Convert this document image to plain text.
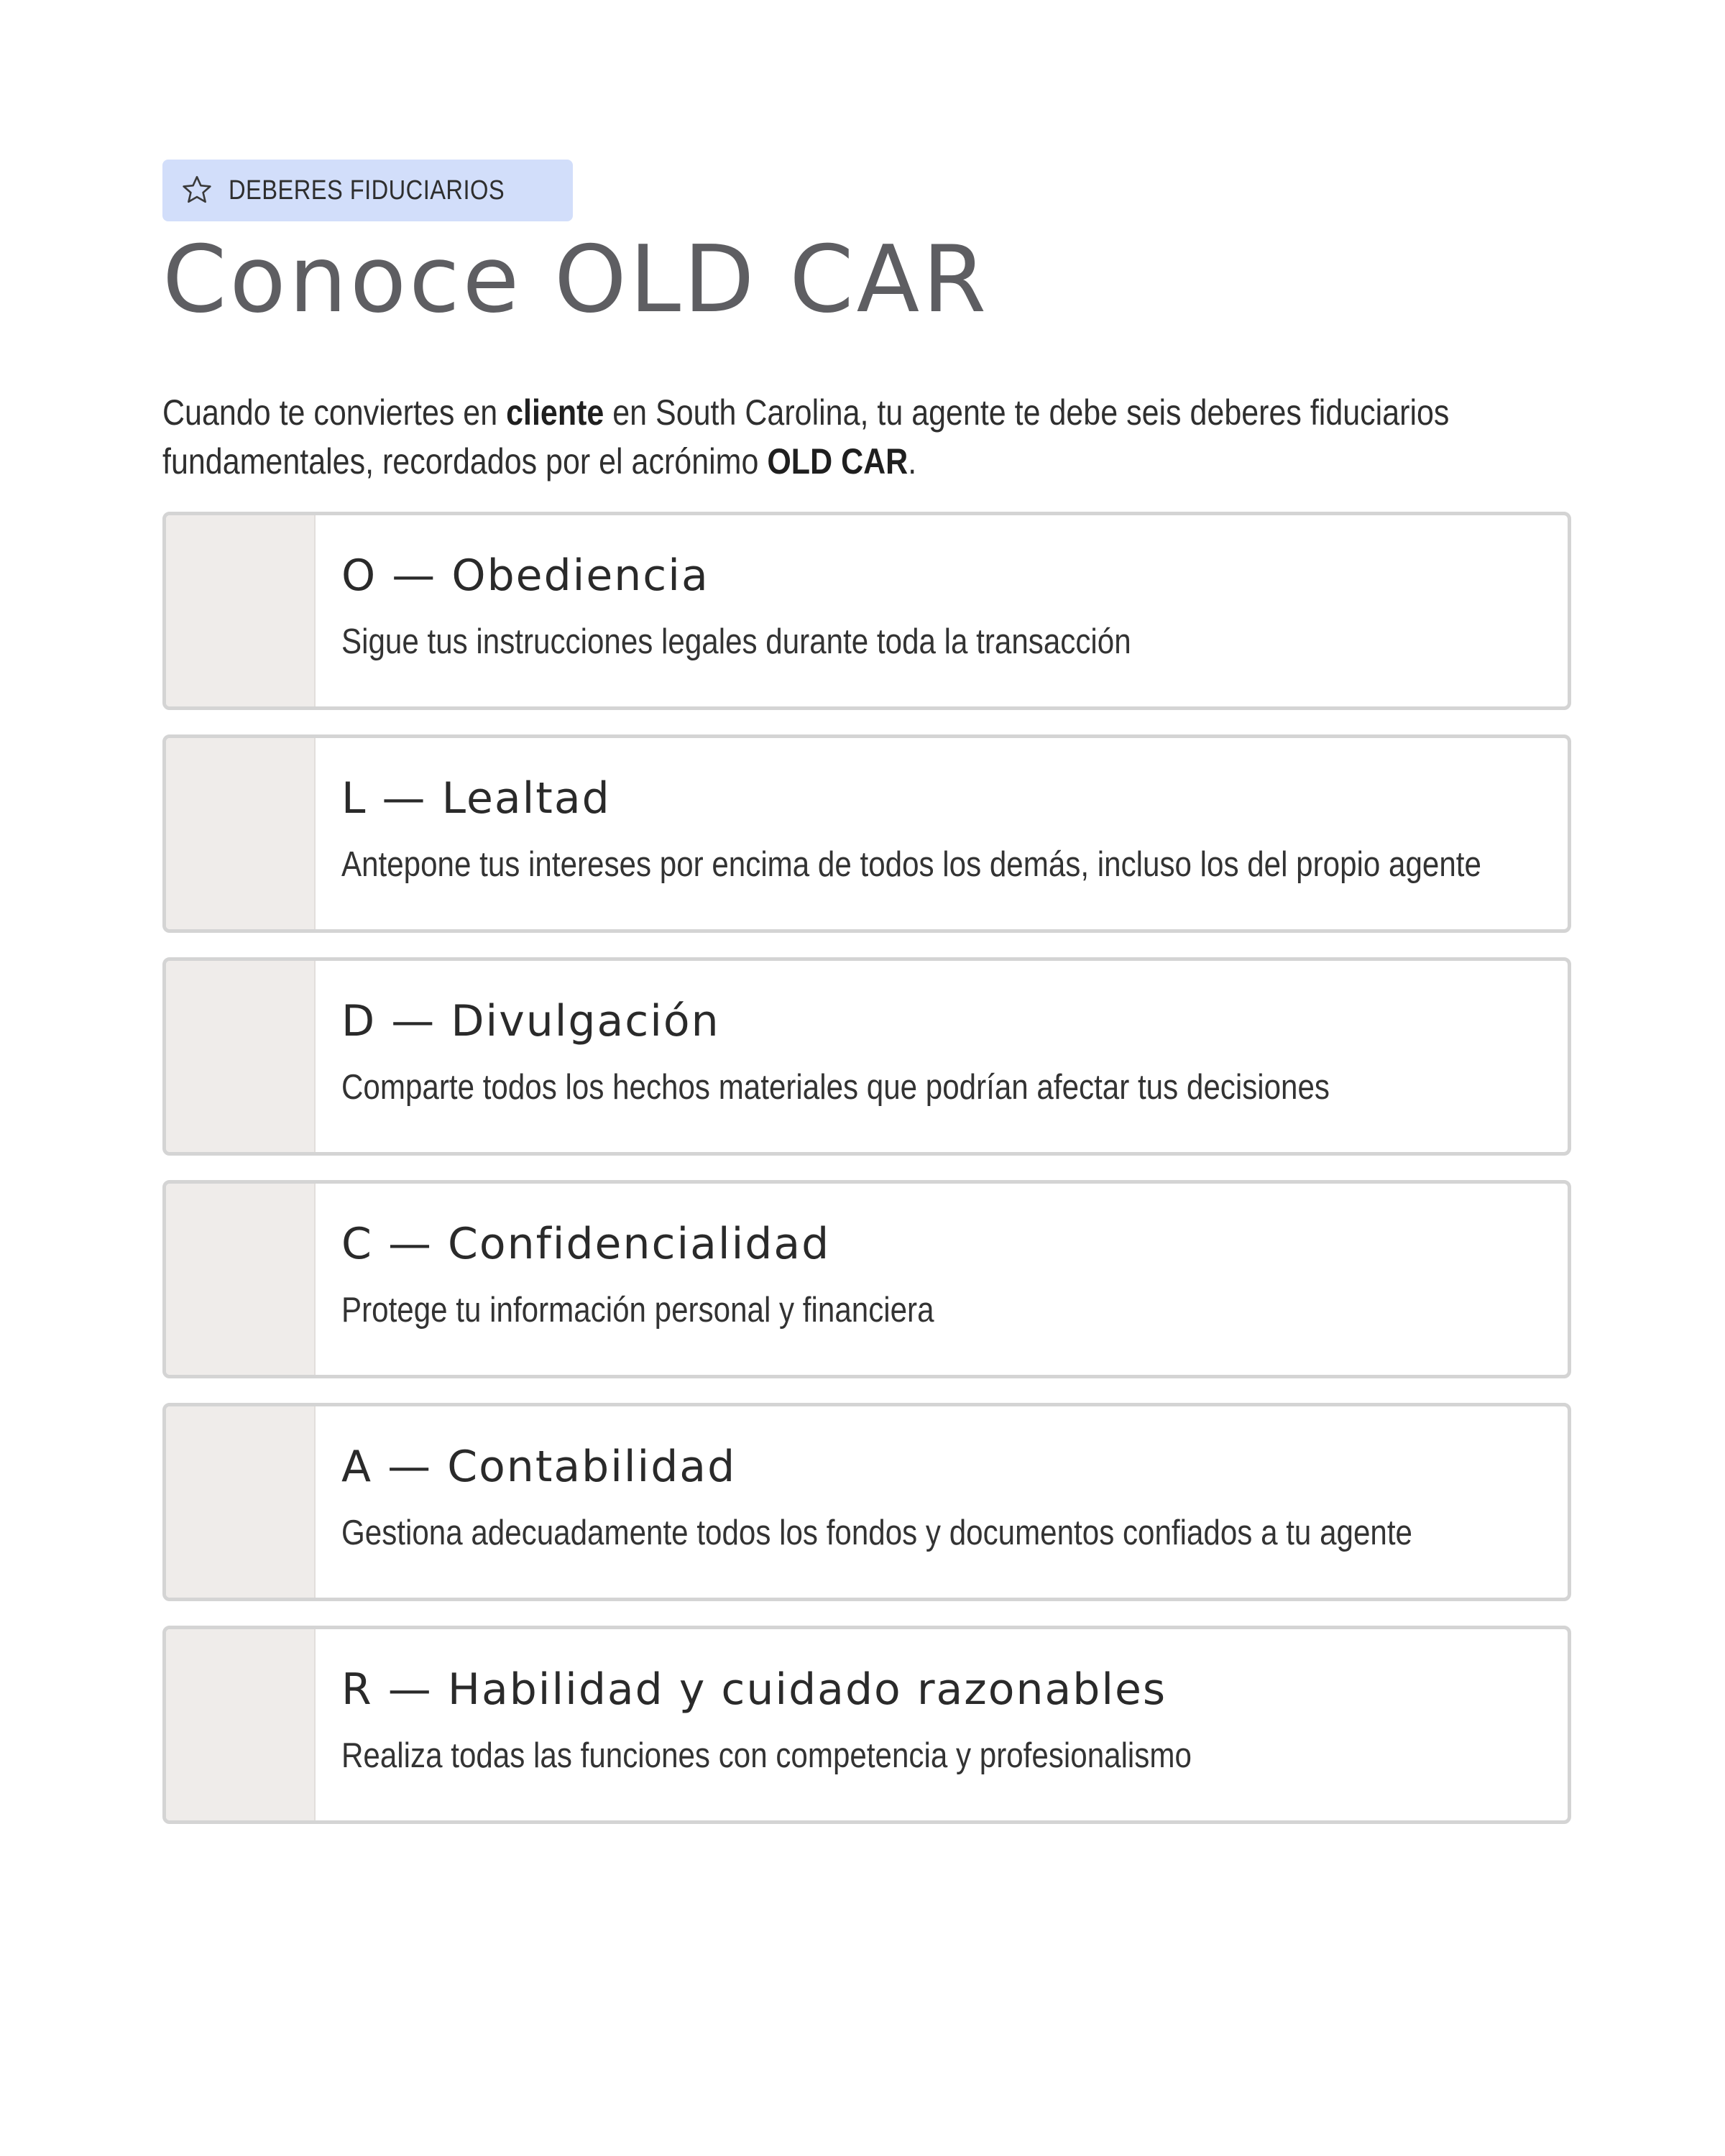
DEBERES FIDUCIARIOS
Conoce OLD CAR

Cuando te conviertes en cliente en South Carolina, tu agente te debe seis deberes fiduciarios fundamentales, recordados por el acrónimo OLD CAR.

O — Obediencia
Sigue tus instrucciones legales durante toda la transacción
L — Lealtad
Antepone tus intereses por encima de todos los demás, incluso los del propio agente
D — Divulgación
Comparte todos los hechos materiales que podrían afectar tus decisiones
C — Confidencialidad
Protege tu información personal y financiera
A — Contabilidad
Gestiona adecuadamente todos los fondos y documentos confiados a tu agente
R — Habilidad y cuidado razonables
Realiza todas las funciones con competencia y profesionalismo
